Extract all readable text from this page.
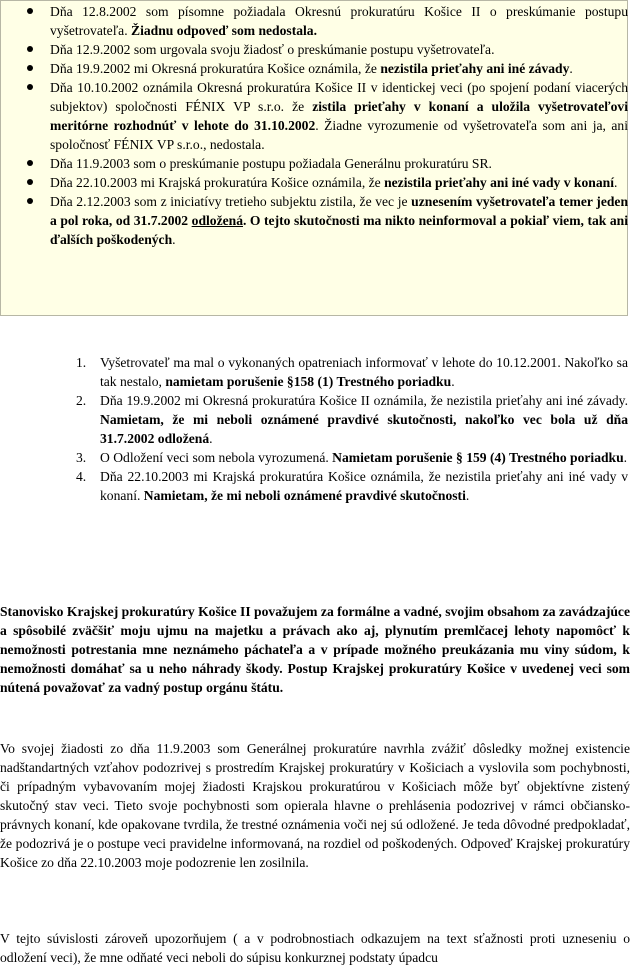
Dňa 12.8.2002 som písomne požiadala Okresnú prokuratúru Košice II o preskúmanie postupu vyšetrovateľa. Žiadnu odpoveď som nedostala.
Dňa 12.9.2002 som urgovala svoju žiadosť o preskúmanie postupu vyšetrovateľa.
Dňa 19.9.2002 mi Okresná prokuratúra Košice oznámila, že nezistila prieťahy ani iné závady.
Dňa 10.10.2002 oznámila Okresná prokuratúra Košice II v identickej veci (po spojení podaní viacerých subjektov) spoločnosti FÉNIX VP s.r.o. že zistila prieťahy v konaní a uložila vyšetrovateľovi meritórne rozhodnúť v lehote do 31.10.2002. Žiadne vyrozumenie od vyšetrovateľa som ani ja, ani spoločnosť FÉNIX VP s.r.o., nedostala.
Dňa 11.9.2003 som o preskúmanie postupu požiadala Generálnu prokuratúru SR.
Dňa 22.10.2003 mi Krajská prokuratúra Košice oznámila, že nezistila prieťahy ani iné vady v konaní.
Dňa 2.12.2003 som z iniciatívy tretieho subjektu zistila, že vec je uznesením vyšetrovateľa temer jeden a pol roka, od 31.7.2002 odložená. O tejto skutočnosti ma nikto neinformoval a pokiaľ viem, tak ani ďalších poškodených.
1. Vyšetrovateľ ma mal o vykonaných opatreniach informovať v lehote do 10.12.2001. Nakoľko sa tak nestalo, namietam porušenie §158 (1) Trestného poriadku.
2. Dňa 19.9.2002 mi Okresná prokuratúra Košice II oznámila, že nezistila prieťahy ani iné závady. Namietam, že mi neboli oznámené pravdivé skutočnosti, nakoľko vec bola už dňa 31.7.2002 odložená.
3. O Odložení veci som nebola vyrozumená. Namietam porušenie § 159 (4) Trestného poriadku.
4. Dňa 22.10.2003 mi Krajská prokuratúra Košice oznámila, že nezistila prieťahy ani iné vady v konaní. Namietam, že mi neboli oznámené pravdivé skutočnosti.

Stanovisko Krajskej prokuratúry Košice II považujem za formálne a vadné, svojim obsahom za zavádzajúce a spôsobilé zväčšiť moju ujmu na majetku a právach ako aj, plynutím premlčacej lehoty napomôcť k nemožnosti potrestania mne neznámeho páchateľa a v prípade možného preukázania mu viny súdom, k nemožnosti domáhať sa u neho náhrady škody. Postup Krajskej prokuratúry Košice v uvedenej veci som nútená považovať za vadný postup orgánu štátu.

Vo svojej žiadosti zo dňa 11.9.2003 som Generálnej prokuratúre navrhla zvážiť dôsledky možnej existencie nadštandartných vzťahov podozrivej s prostredím Krajskej prokuratúry v Košiciach a vyslovila som pochybnosti, či prípadným vybavovaním mojej žiadosti Krajskou prokuratúrou v Košiciach môže byť objektívne zistený skutočný stav veci. Tieto svoje pochybnosti som opierala hlavne o prehlásenia podozrivej v rámci občiansko-právnych konaní, kde opakovane tvrdila, že trestné oznámenia voči nej sú odložené. Je teda dôvodné predpokladať, že podozrivá je o postupe veci pravidelne informovaná, na rozdiel od poškodených. Odpoveď Krajskej prokuratúry Košice zo dňa 22.10.2003 moje podozrenie len zosilnila.

V tejto súvislosti zároveň upozorňujem ( a v podrobnostiach odkazujem na text sťažnosti proti uzneseniu o odložení veci), že mne odňaté veci neboli do súpisu konkurznej podstaty úpadcu
